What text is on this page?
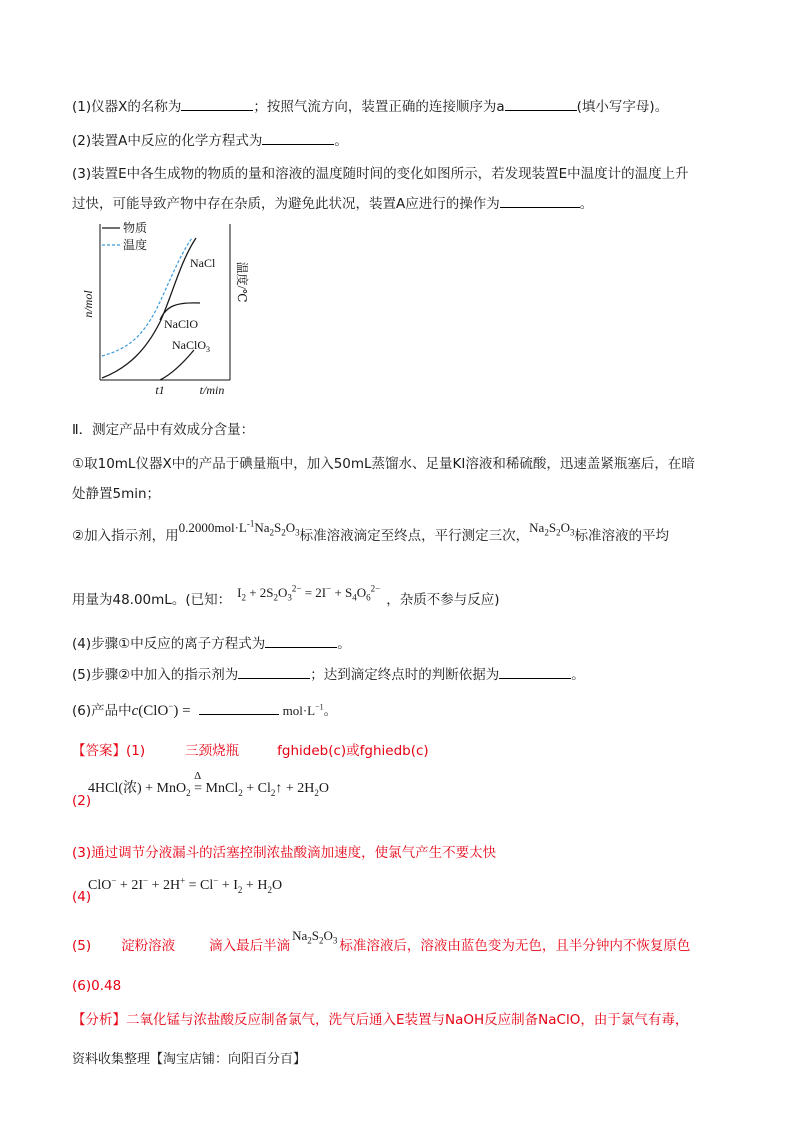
(1)仪器X的名称为	；按照气流方向，装置正确的连接顺序为a	(填小写字母)。
(2)装置A中反应的化学方程式为	。
(3)装置E中各生成物的物质的量和溶液的温度随时间的变化如图所示，若发现装置E中温度计的温度上升
过快，可能导致产物中存在杂质，为避免此状况，装置A应进行的操作为	。
物质
温度
NaCl
NaClO
NaClO$_3$
n/mol
温度/℃
t1	t/min
Ⅱ．测定产品中有效成分含量：
①取10mL仪器X中的产品于碘量瓶中，加入50mL蒸馏水、足量KI溶液和稀硫酸，迅速盖紧瓶塞后，在暗
处静置5min；
②加入指示剂，用$0.2000mol\cdot L^{-1}Na_2S_2O_3$标准溶液滴定至终点，平行测定三次，$Na_2S_2O_3$标准溶液的平均
用量为48.00mL。(已知： $I_2 + 2S_2O_3^{2-} = 2I^- + S_4O_6^{2-}$，杂质不参与反应)
(4)步骤①中反应的离子方程式为	。
(5)步骤②中加入的指示剂为	；达到滴定终点时的判断依据为	。
(6)产品中c(ClO−) =	$mol\cdot L^{-1}$。
【答案】(1)	三颈烧瓶	fghideb(c)或fghiedb(c)
4HCl(浓) + MnO$_2$ =
Δ
MnCl$_2$ + $Cl_2↑ + 2H_2O$
(2)
(3)通过调节分液漏斗的活塞控制浓盐酸滴加速度，使氯气产生不要太快
$ClO^- + 2I^- + 2H^+ = Cl^- + I_2 + H_2O$
(4)
(5) 淀粉溶液	滴入最后半滴$Na_2S_2O_3$ 标准溶液后，溶液由蓝色变为无色，且半分钟内不恢复原色
(6)0.48
【分析】二氧化锰与浓盐酸反应制备氯气，洗气后通入E装置与NaOH反应制备NaClO，由于氯气有毒，
资料收集整理【淘宝店铺：向阳百分百】
